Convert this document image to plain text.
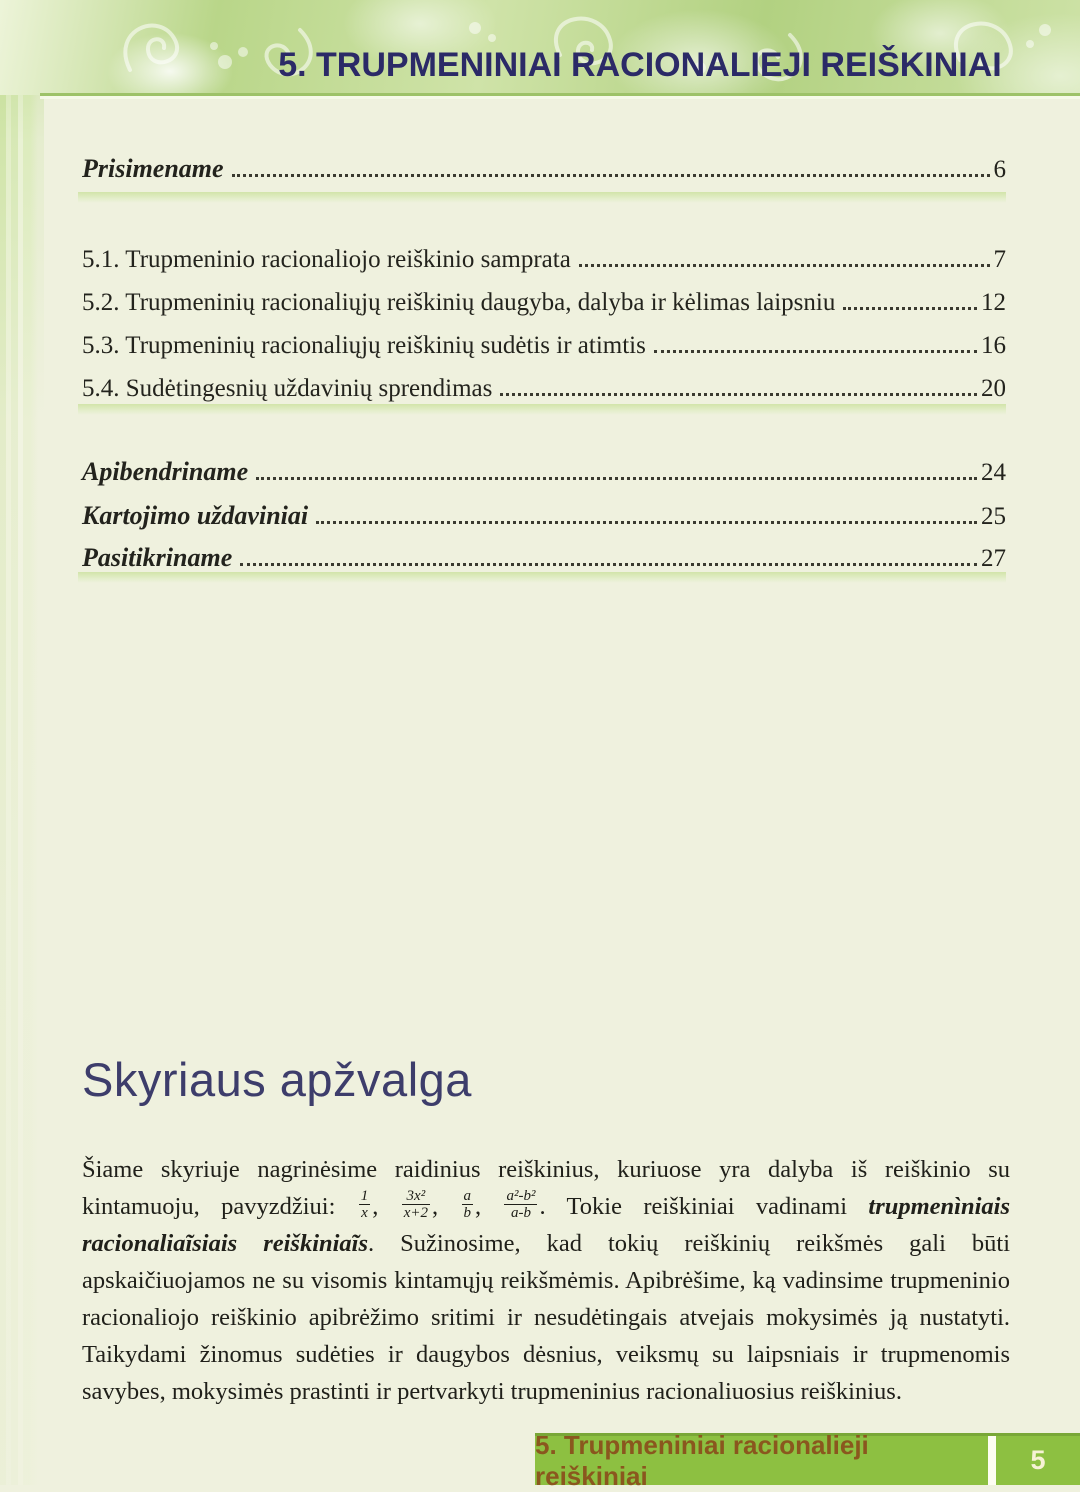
5. TRUPMENINIAI RACIONALIEJI REIŠKINIAI
Prisimename	6
5.1. Trupmeninio racionaliojo reiškinio samprata	7
5.2. Trupmeninių racionaliųjų reiškinių daugyba, dalyba ir kėlimas laipsniu	12
5.3. Trupmeninių racionaliųjų reiškinių sudėtis ir atimtis	16
5.4. Sudėtingesnių uždavinių sprendimas	20
Apibendriname	24
Kartojimo uždaviniai	25
Pasitikriname	27
Skyriaus apžvalga

Šiame skyriuje nagrinėsime raidinius reiškinius, kuriuose yra dalyba iš reiškinio su kintamuoju, pavyzdžiui: $\frac{1}{x}$ , $\frac{\text{3x²}}{x+2}$ , $\frac{a}{b}$ , $\frac{\text{a²-b²}}{a-b}$ . Tokie reiškiniai vadinami trupmenìniais racionaliaĩsiais reiškiniaĩs. Sužinosime, kad tokių reiškinių reikšmės gali būti apskaičiuojamos ne su visomis kintamųjų reikšmėmis. Apibrėšime, ką vadinsime trupmeninio racionaliojo reiškinio apibrėžimo sritimi ir nesudėtingais atvejais mokysimės ją nustatyti. Taikydami žinomus sudėties ir daugybos dėsnius, veiksmų su laipsniais ir trupmenomis savybes, mokysimės prastinti ir pertvarkyti trupmeninius racionaliuosius reiškinius.

5. Trupmeniniai racionalieji reiškiniai
5
